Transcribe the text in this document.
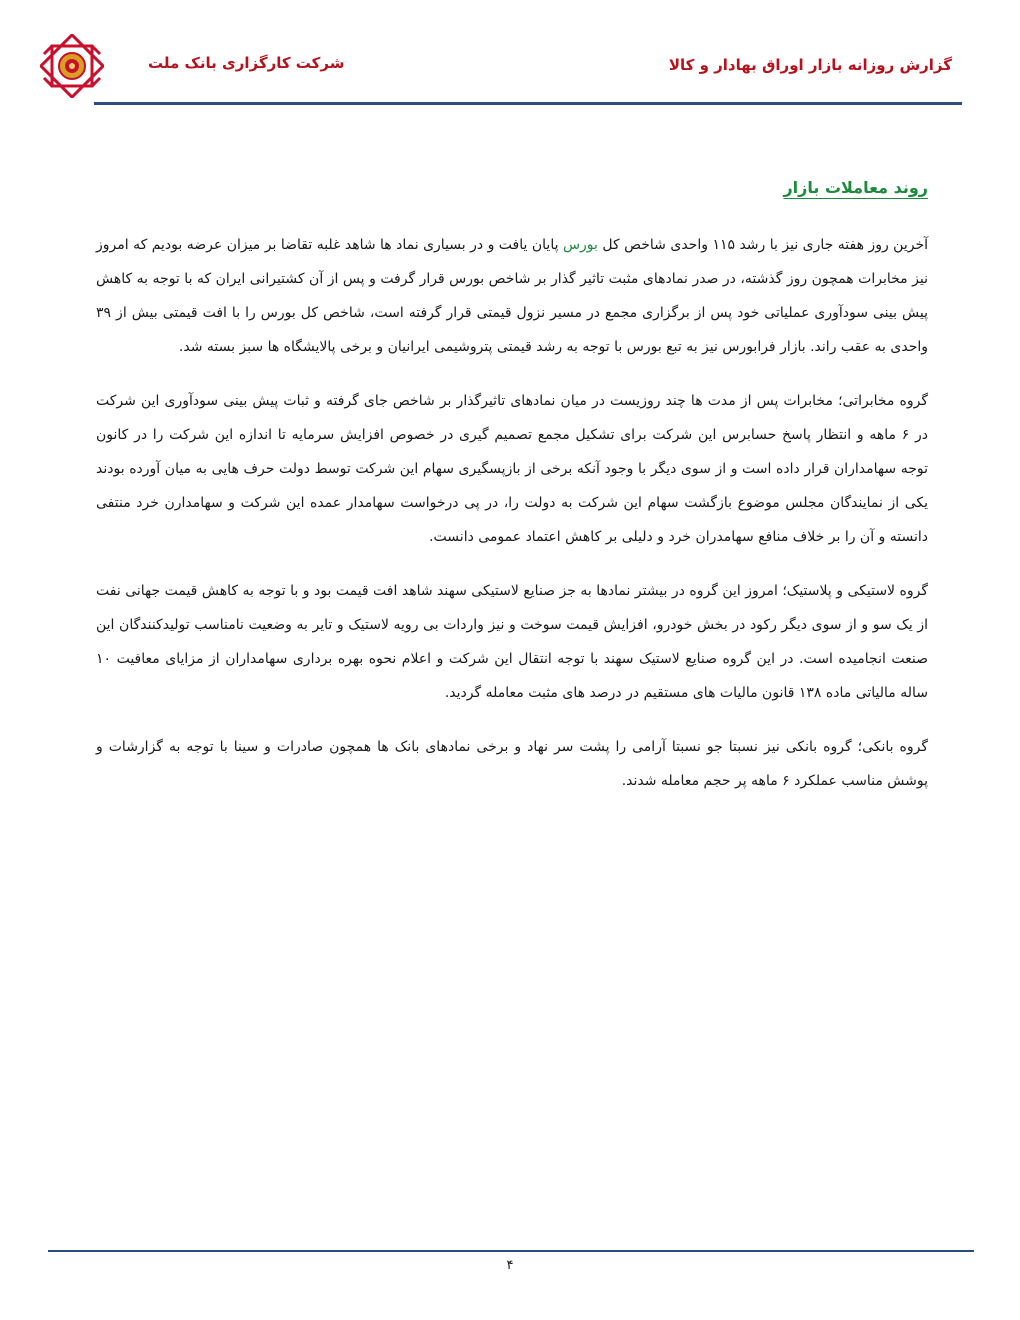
گزارش روزانه بازار اوراق بهادار و کالا
شرکت کارگزاری بانک ملت
روند معاملات بازار

آخرین روز هفته جاری نیز با رشد ۱۱۵ واحدی شاخص کل بورس پایان یافت و در بسیاری نماد ها شاهد غلبه تقاضا بر میزان عرضه بودیم که امروز نیز مخابرات همچون روز گذشته، در صدر نمادهای مثبت تاثیر گذار بر شاخص بورس قرار گرفت و پس از آن کشتیرانی ایران که با توجه به کاهش پیش بینی سودآوری عملیاتی خود پس از برگزاری مجمع در مسیر نزول قیمتی قرار گرفته است، شاخص کل بورس را با افت قیمتی بیش از ۳۹ واحدی به عقب راند. بازار فرابورس نیز به تبع بورس با توجه به رشد قیمتی پتروشیمی ایرانیان و برخی پالایشگاه ها سبز بسته شد.

گروه مخابراتی؛ مخابرات پس از مدت ها چند روزیست در میان نمادهای تاثیرگذار بر شاخص جای گرفته و ثبات پیش بینی سودآوری این شرکت در ۶ ماهه و انتظار پاسخ حسابرس این شرکت برای تشکیل مجمع تصمیم گیری در خصوص افزایش سرمایه تا اندازه این شرکت را در کانون توجه سهامداران قرار داده است و از سوی دیگر با وجود آنکه برخی از بازپسگیری سهام این شرکت توسط دولت حرف هایی به میان آورده بودند یکی از نمایندگان مجلس موضوع بازگشت سهام این شرکت به دولت را، در پی درخواست سهامدار عمده این شرکت و سهامدارن خرد منتفی دانسته و آن را بر خلاف منافع سهامدران خرد و دلیلی بر کاهش اعتماد عمومی دانست.

گروه لاستیکی و پلاستیک؛ امروز این گروه در بیشتر نمادها به جز صنایع لاستیکی سهند شاهد افت قیمت بود و با توجه به کاهش قیمت جهانی نفت از یک سو و از سوی دیگر رکود در بخش خودرو، افزایش قیمت سوخت و نیز واردات بی رویه لاستیک و تایر به وضعیت نامناسب تولیدکنندگان این صنعت انجامیده است. در این گروه صنایع لاستیک سهند با توجه انتقال این شرکت و اعلام نحوه بهره برداری سهامداران از مزایای معافیت ۱۰ ساله مالیاتی ماده ۱۳۸ قانون مالیات های مستقیم در درصد های مثبت معامله گردید.

گروه بانکی؛ گروه بانکی نیز نسبتا جو نسبتا آرامی را پشت سر نهاد و برخی نمادهای بانک ها همچون صادرات و سینا با توجه به گزارشات و پوشش مناسب عملکرد ۶ ماهه پر حجم معامله شدند.

۴
